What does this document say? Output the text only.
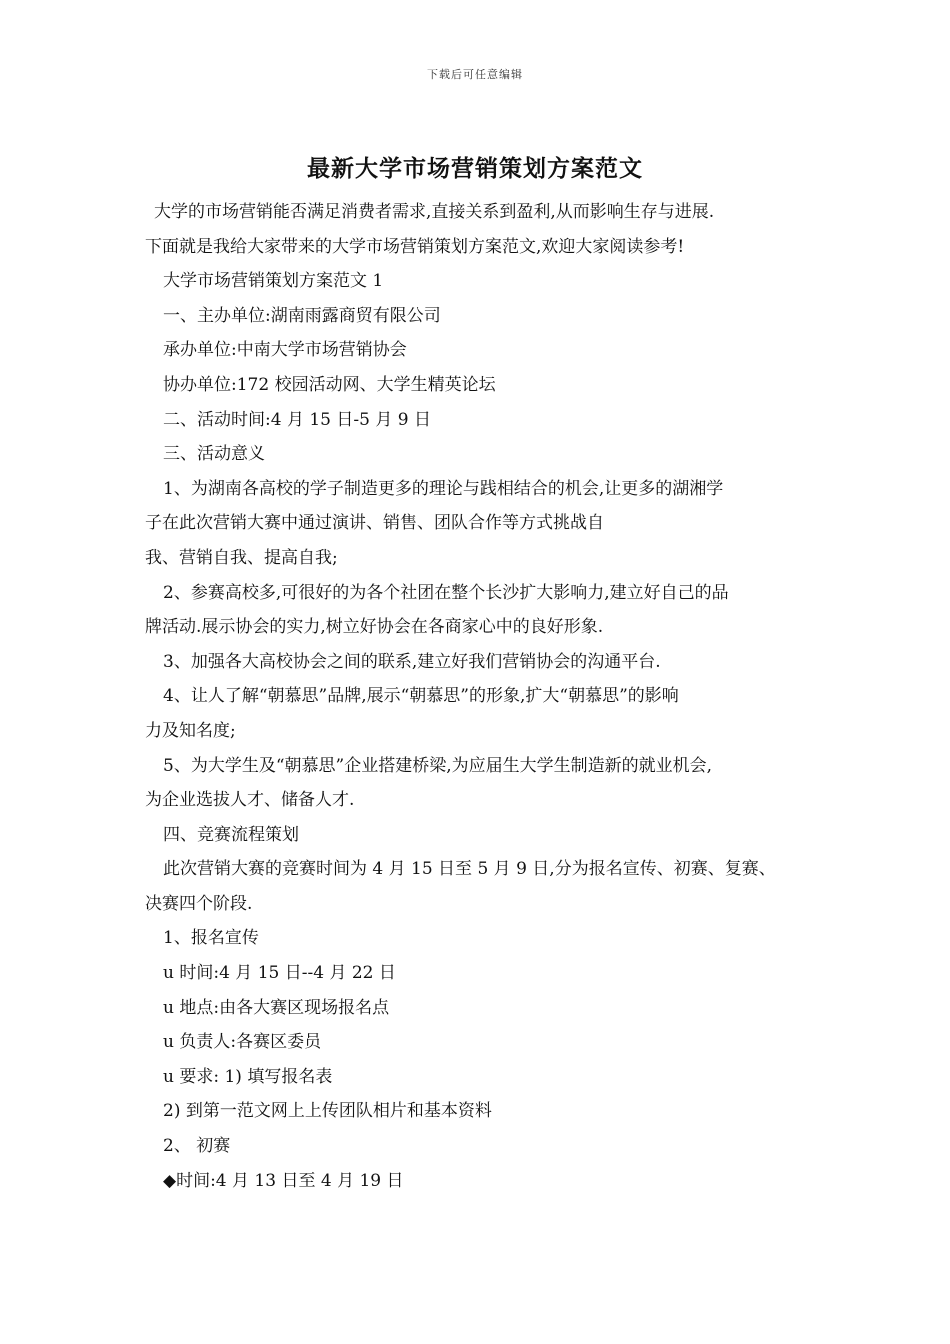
下载后可任意编辑
最新大学市场营销策划方案范文
大学的市场营销能否满足消费者需求,直接关系到盈利,从而影响生存与进展.
下面就是我给大家带来的大学市场营销策划方案范文,欢迎大家阅读参考!
大学市场营销策划方案范文 1
一、主办单位:湖南雨露商贸有限公司
承办单位:中南大学市场营销协会
协办单位:172 校园活动网、大学生精英论坛
二、活动时间:4 月 15 日-5 月 9 日
三、活动意义
1、为湖南各高校的学子制造更多的理论与践相结合的机会,让更多的湖湘学
子在此次营销大赛中通过演讲、销售、团队合作等方式挑战自
我、营销自我、提高自我;
2、参赛高校多,可很好的为各个社团在整个长沙扩大影响力,建立好自己的品
牌活动.展示协会的实力,树立好协会在各商家心中的良好形象.
3、加强各大高校协会之间的联系,建立好我们营销协会的沟通平台.
4、让人了解“朝慕思”品牌,展示“朝慕思”的形象,扩大“朝慕思”的影响
力及知名度;
5、为大学生及“朝慕思”企业搭建桥梁,为应届生大学生制造新的就业机会,
为企业选拔人才、储备人才.
四、竞赛流程策划
此次营销大赛的竞赛时间为 4 月 15 日至 5 月 9 日,分为报名宣传、初赛、复赛、
决赛四个阶段.
1、报名宣传
u 时间:4 月 15 日--4 月 22 日
u 地点:由各大赛区现场报名点
u 负责人:各赛区委员
u 要求: 1) 填写报名表
2) 到第一范文网上上传团队相片和基本资料
2、 初赛
◆时间:4 月 13 日至 4 月 19 日
